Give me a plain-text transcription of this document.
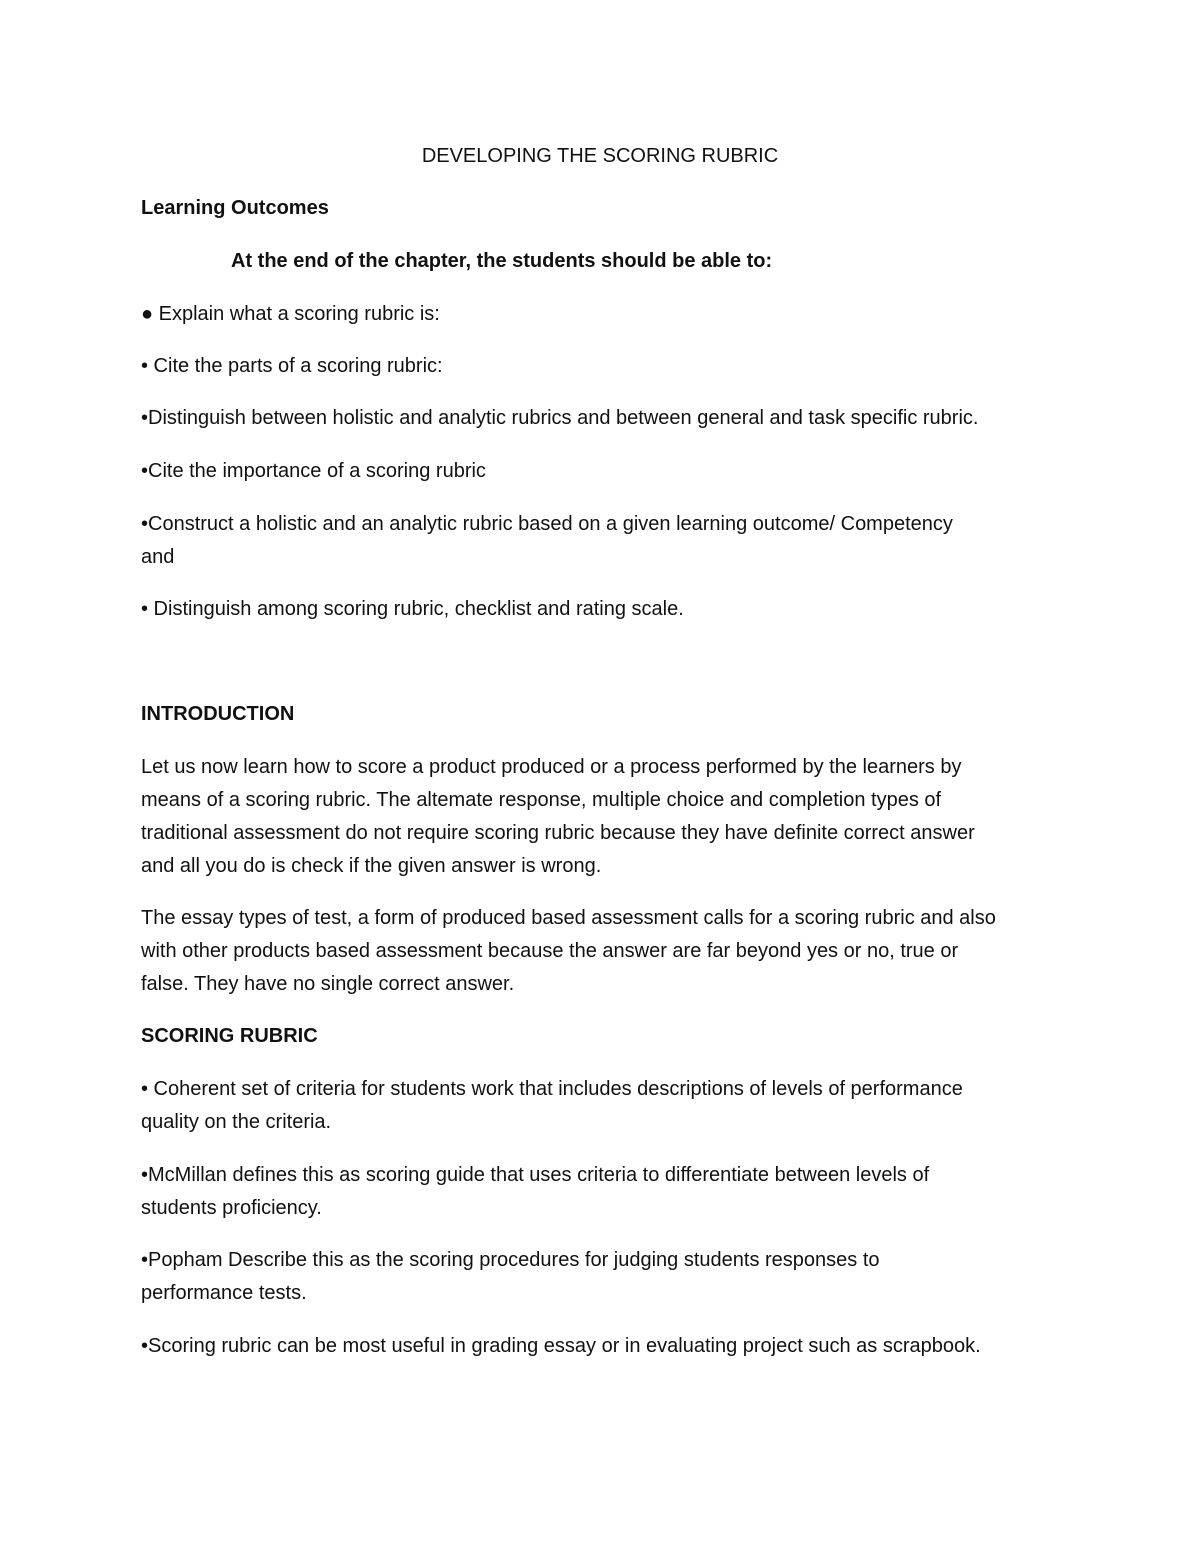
DEVELOPING THE SCORING RUBRIC
Learning Outcomes
At the end of the chapter, the students should be able to:
● Explain what a scoring rubric is:
• Cite the parts of a scoring rubric:
•Distinguish between holistic and analytic rubrics and between general and task specific rubric.
•Cite the importance of a scoring rubric
•Construct a holistic and an analytic rubric based on a given learning outcome/ Competency
and
• Distinguish among scoring rubric, checklist and rating scale.
INTRODUCTION
Let us now learn how to score a product produced or a process performed by the learners by
means of a scoring rubric. The altemate response, multiple choice and completion types of
traditional assessment do not require scoring rubric because they have definite correct answer
and all you do is check if the given answer is wrong.
The essay types of test, a form of produced based assessment calls for a scoring rubric and also
with other products based assessment because the answer are far beyond yes or no, true or
false. They have no single correct answer.
SCORING RUBRIC
• Coherent set of criteria for students work that includes descriptions of levels of performance
quality on the criteria.
•McMillan defines this as scoring guide that uses criteria to differentiate between levels of
students proficiency.
•Popham Describe this as the scoring procedures for judging students responses to
performance tests.
•Scoring rubric can be most useful in grading essay or in evaluating project such as scrapbook.
